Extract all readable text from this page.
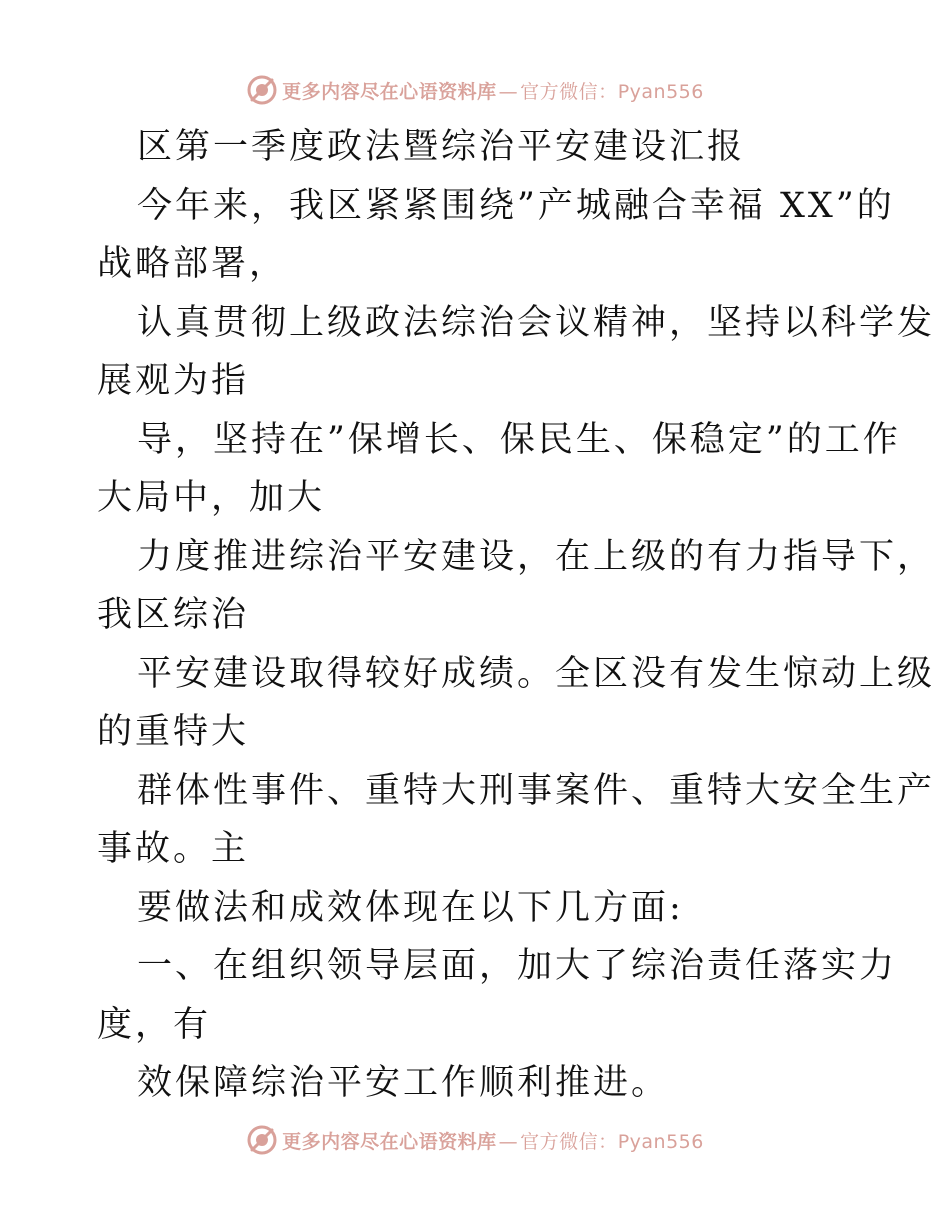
更多内容尽在心语资料库 — 官方微信：Pyan556
区第一季度政法暨综治平安建设汇报
今年来，我区紧紧围绕”产城融合幸福 XX”的
战略部署，
认真贯彻上级政法综治会议精神，坚持以科学发
展观为指
导，坚持在”保增长、保民生、保稳定”的工作
大局中，加大
力度推进综治平安建设，在上级的有力指导下，
我区综治
平安建设取得较好成绩。全区没有发生惊动上级
的重特大
群体性事件、重特大刑事案件、重特大安全生产
事故。主
要做法和成效体现在以下几方面:
一、在组织领导层面，加大了综治责任落实力
度，有
效保障综治平安工作顺利推进。
更多内容尽在心语资料库 — 官方微信：Pyan556
